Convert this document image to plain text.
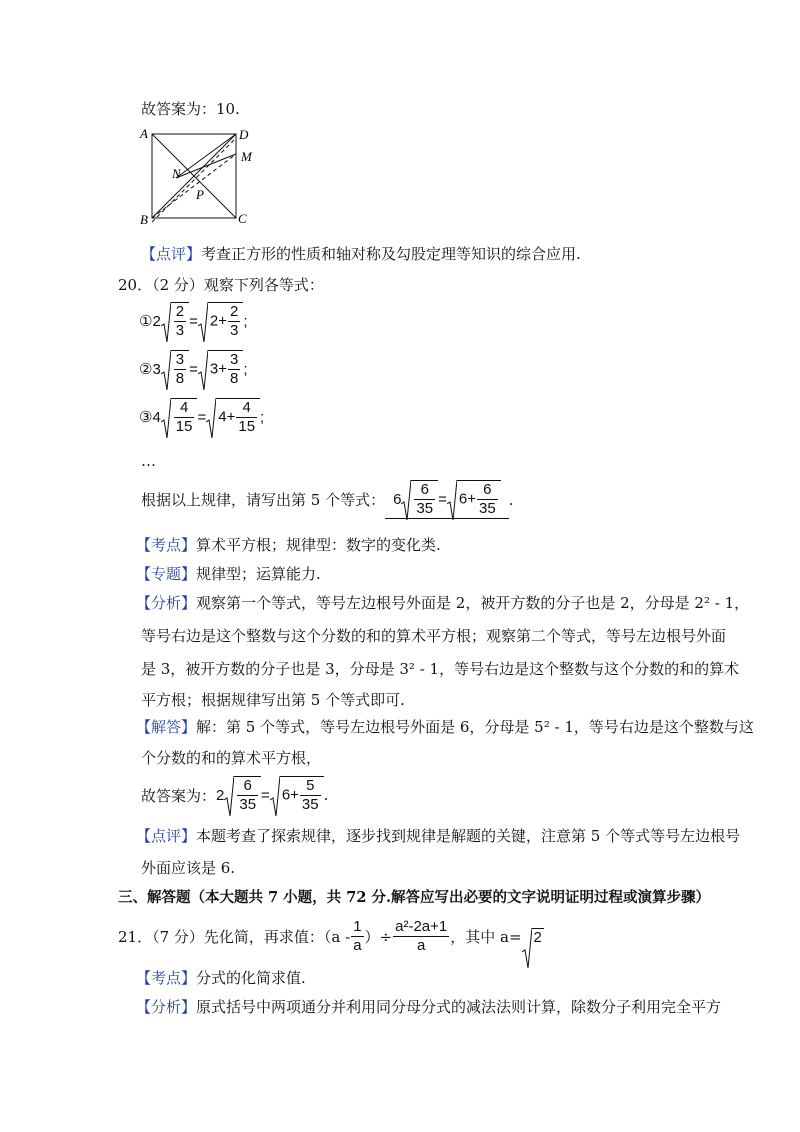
故答案为：10.
A	D
M
N
P
B	C
【点评】考查正方形的性质和轴对称及勾股定理等知识的综合应用.
20．（2 分）观察下列各等式：
① $2 \frac{2}{3} = 2+ \frac{2}{3}$ ;
② $3 \frac{3}{8} = 3+ \frac{3}{8}$ ;
③ $4 \frac{4}{15} = 4+ \frac{4}{15}$ ;
…
根据以上规律，请写出第 5 个等式： $6 \frac{6}{35} = 6+ \frac{6}{35}$ .
【考点】算术平方根；规律型：数字的变化类.
【专题】规律型；运算能力.
【分析】观察第一个等式，等号左边根号外面是 2，被开方数的分子也是 2，分母是 2² - 1，
等号右边是这个整数与这个分数的和的算术平方根；观察第二个等式，等号左边根号外面
是 3，被开方数的分子也是 3，分母是 3² - 1，等号右边是这个整数与这个分数的和的算术
平方根；根据规律写出第 5 个等式即可.
【解答】解：第 5 个等式，等号左边根号外面是 6，分母是 5² - 1，等号右边是这个整数与这
个分数的和的算术平方根，
故答案为： $2 \frac{6}{35} = 6+ \frac{5}{35}$ .
【点评】本题考查了探索规律，逐步找到规律是解题的关键，注意第 5 个等式等号左边根号
外面应该是 6.
三、解答题（本大题共 7 小题，共 72 分.解答应写出必要的文字说明证明过程或演算步骤）
21．（7 分）先化简，再求值：（$a - \frac{1}{a}$ ）÷ $\frac{\text{a²-2a+1}}{a}$ ，其中 a= 2
【考点】分式的化简求值.
【分析】原式括号中两项通分并利用同分母分式的减法法则计算，除数分子利用完全平方
